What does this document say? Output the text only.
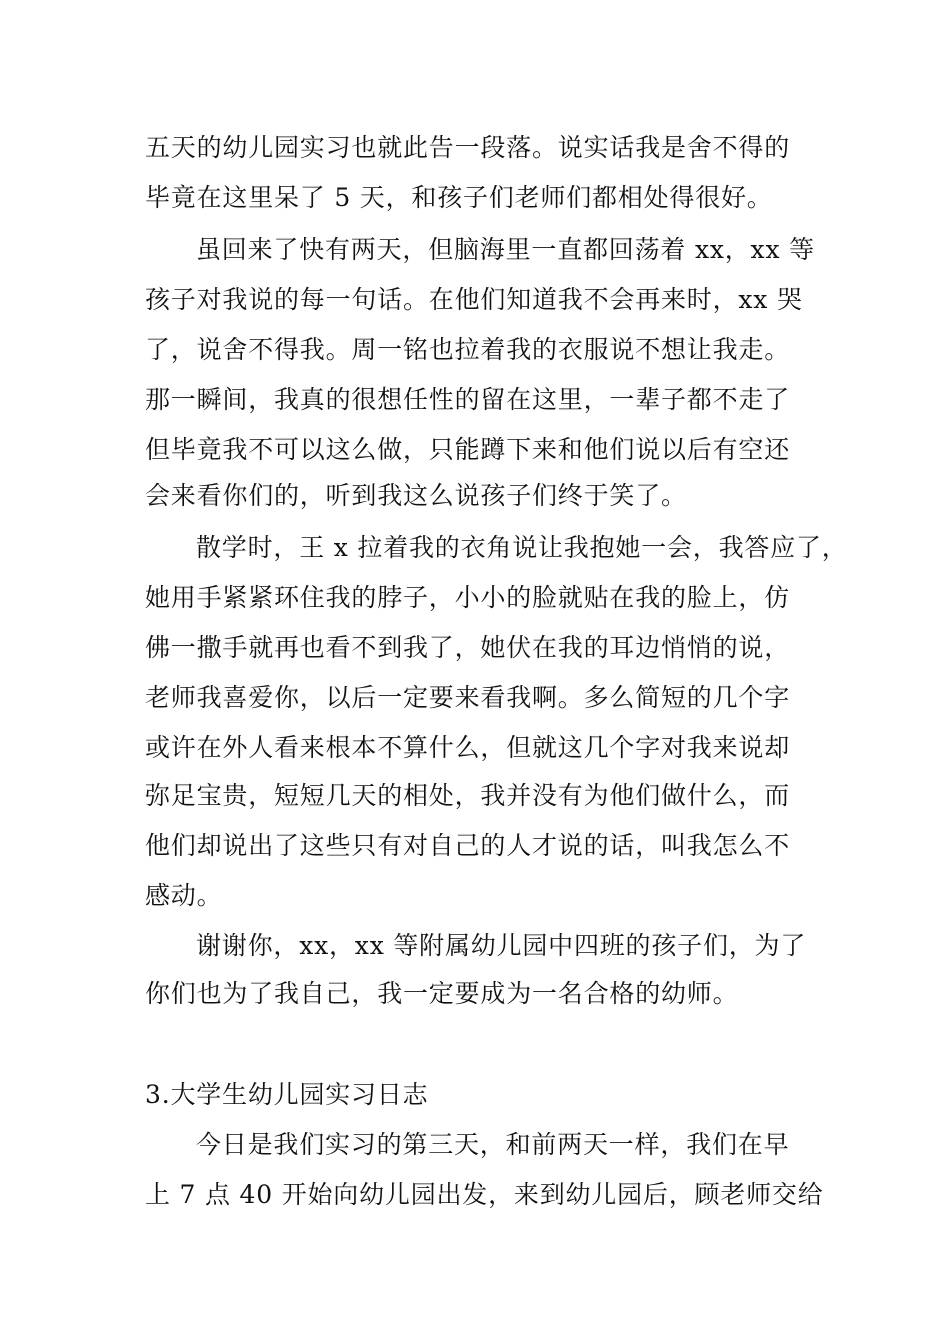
五天的幼儿园实习也就此告一段落。说实话我是舍不得的
毕竟在这里呆了 5 天，和孩子们老师们都相处得很好。
虽回来了快有两天，但脑海里一直都回荡着 xx，xx 等
孩子对我说的每一句话。在他们知道我不会再来时，xx 哭
了，说舍不得我。周一铭也拉着我的衣服说不想让我走。
那一瞬间，我真的很想任性的留在这里，一辈子都不走了
但毕竟我不可以这么做，只能蹲下来和他们说以后有空还
会来看你们的，听到我这么说孩子们终于笑了。
散学时，王 x 拉着我的衣角说让我抱她一会，我答应了，
她用手紧紧环住我的脖子，小小的脸就贴在我的脸上，仿
佛一撒手就再也看不到我了，她伏在我的耳边悄悄的说，
老师我喜爱你，以后一定要来看我啊。多么简短的几个字
或许在外人看来根本不算什么，但就这几个字对我来说却
弥足宝贵，短短几天的相处，我并没有为他们做什么，而
他们却说出了这些只有对自己的人才说的话，叫我怎么不
感动。
谢谢你，xx，xx 等附属幼儿园中四班的孩子们，为了
你们也为了我自己，我一定要成为一名合格的幼师。
3.大学生幼儿园实习日志
今日是我们实习的第三天，和前两天一样，我们在早
上 7 点 40 开始向幼儿园出发，来到幼儿园后，顾老师交给
